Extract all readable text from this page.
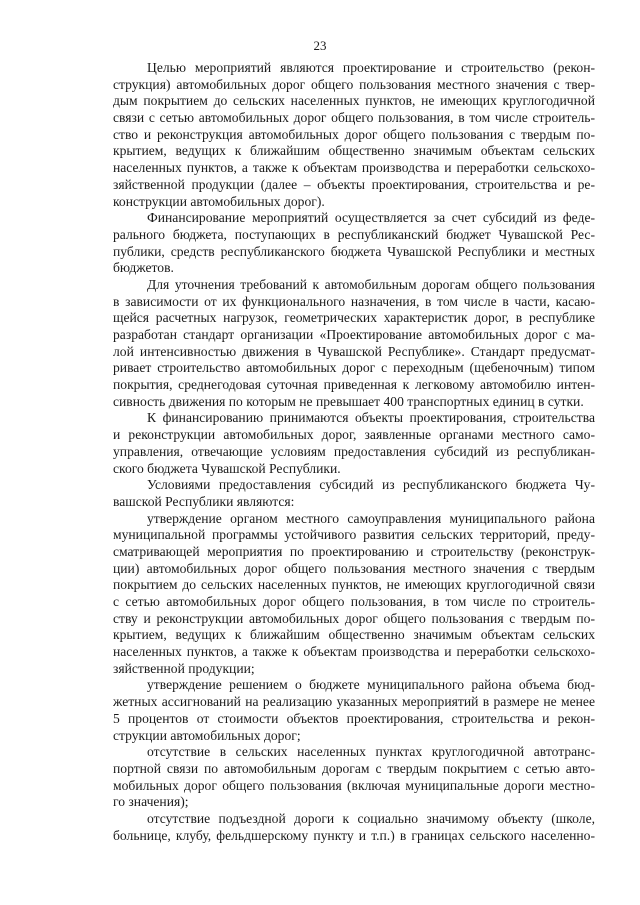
23
Целью мероприятий являются проектирование и строительство (рекон-
струкция) автомобильных дорог общего пользования местного значения с твер-
дым покрытием до сельских населенных пунктов, не имеющих круглогодичной
связи с сетью автомобильных дорог общего пользования, в том числе строитель-
ство и реконструкция автомобильных дорог общего пользования с твердым по-
крытием, ведущих к ближайшим общественно значимым объектам сельских
населенных пунктов, а также к объектам производства и переработки сельскохо-
зяйственной продукции (далее – объекты проектирования, строительства и ре-
конструкции автомобильных дорог).
Финансирование мероприятий осуществляется за счет субсидий из феде-
рального бюджета, поступающих в республиканский бюджет Чувашской Рес-
публики, средств республиканского бюджета Чувашской Республики и местных
бюджетов.
Для уточнения требований к автомобильным дорогам общего пользования
в зависимости от их функционального назначения, в том числе в части, касаю-
щейся расчетных нагрузок, геометрических характеристик дорог, в республике
разработан стандарт организации «Проектирование автомобильных дорог с ма-
лой интенсивностью движения в Чувашской Республике». Стандарт предусмат-
ривает строительство автомобильных дорог с переходным (щебеночным) типом
покрытия, среднегодовая суточная приведенная к легковому автомобилю интен-
сивность движения по которым не превышает 400 транспортных единиц в сутки.
К финансированию принимаются объекты проектирования, строительства
и реконструкции автомобильных дорог, заявленные органами местного само-
управления, отвечающие условиям предоставления субсидий из республикан-
ского бюджета Чувашской Республики.
Условиями предоставления субсидий из республиканского бюджета Чу-
вашской Республики являются:
утверждение органом местного самоуправления муниципального района
муниципальной программы устойчивого развития сельских территорий, преду-
сматривающей мероприятия по проектированию и строительству (реконструк-
ции) автомобильных дорог общего пользования местного значения с твердым
покрытием до сельских населенных пунктов, не имеющих круглогодичной связи
с сетью автомобильных дорог общего пользования, в том числе по строитель-
ству и реконструкции автомобильных дорог общего пользования с твердым по-
крытием, ведущих к ближайшим общественно значимым объектам сельских
населенных пунктов, а также к объектам производства и переработки сельскохо-
зяйственной продукции;
утверждение решением о бюджете муниципального района объема бюд-
жетных ассигнований на реализацию указанных мероприятий в размере не менее
5 процентов от стоимости объектов проектирования, строительства и рекон-
струкции автомобильных дорог;
отсутствие в сельских населенных пунктах круглогодичной автотранс-
портной связи по автомобильным дорогам с твердым покрытием с сетью авто-
мобильных дорог общего пользования (включая муниципальные дороги местно-
го значения);
отсутствие подъездной дороги к социально значимому объекту (школе,
больнице, клубу, фельдшерскому пункту и т.п.) в границах сельского населенно-
